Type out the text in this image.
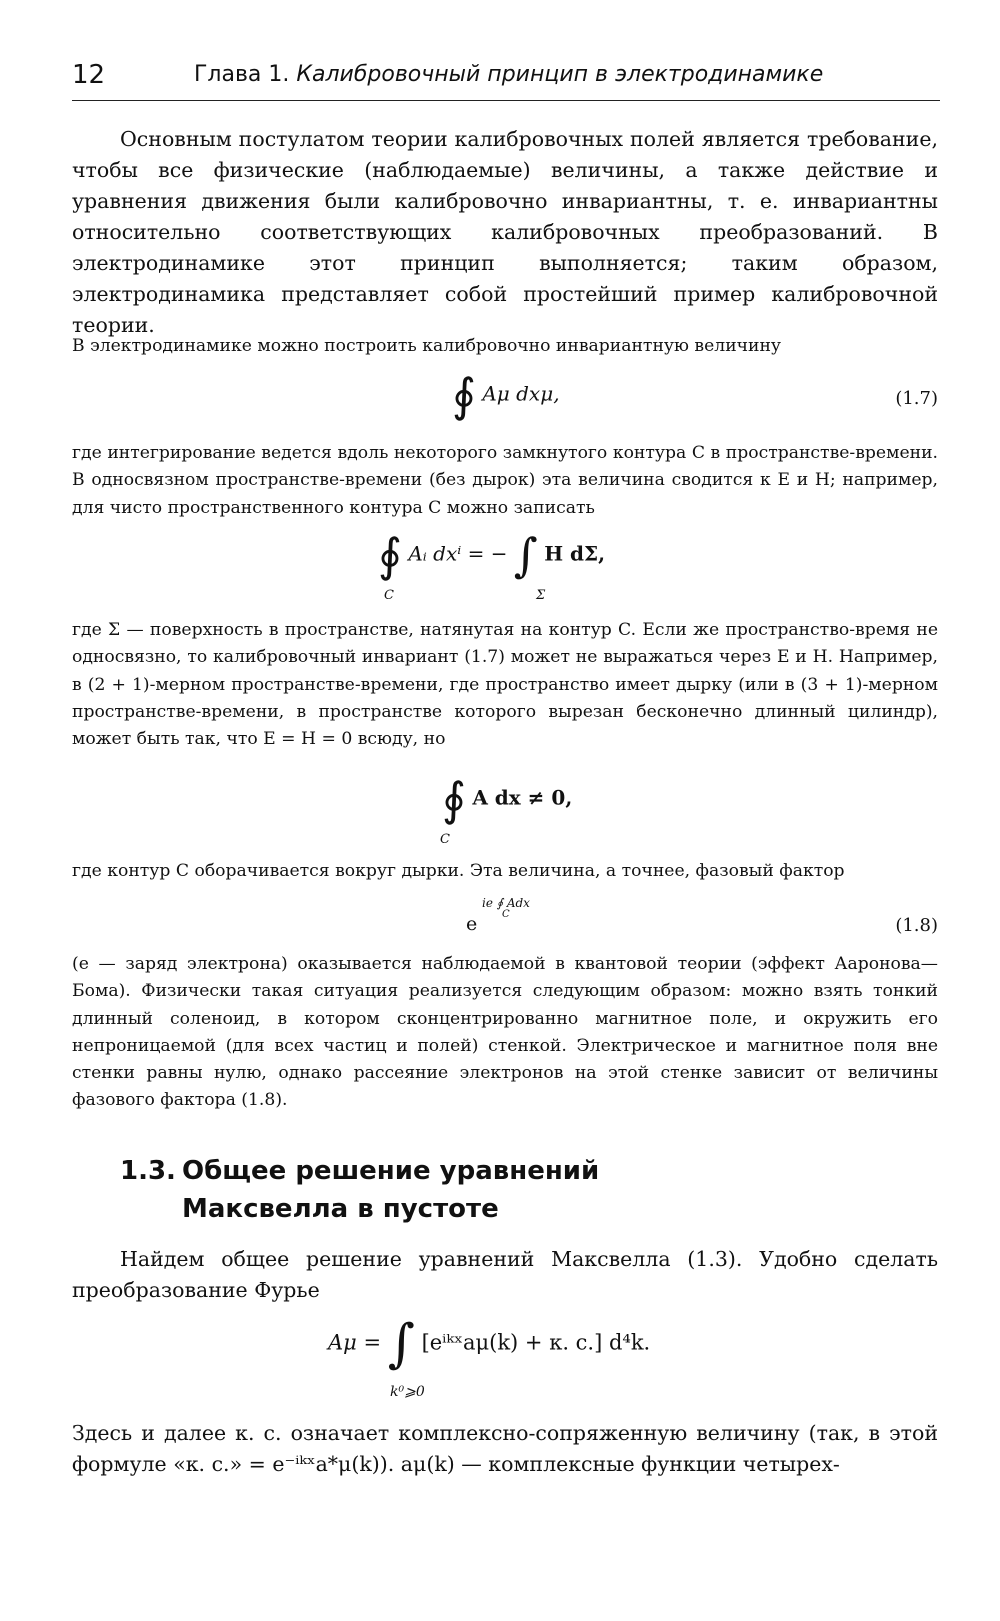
12	Глава 1. Калибровочный принцип в электродинамике

Основным постулатом теории калибровочных полей является требование, чтобы все физические (наблюдаемые) величины, а также действие и уравнения движения были калибровочно инвариантны, т. е. инвариантны относительно соответствующих калибровочных преобразований. В электродинамике этот принцип выполняется; таким образом, электродинамика представляет собой простейший пример калибровочной теории.

В электродинамике можно построить калибровочно инвариантную величину

∮ Aμ dxμ,	(1.7)

где интегрирование ведется вдоль некоторого замкнутого контура C в пространстве-времени. В односвязном пространстве-времени (без дырок) эта величина сводится к E и H; например, для чисто пространственного контура C можно записать

∮ Aᵢ dxⁱ = − ∫ H dΣ,
C	Σ

где Σ — поверхность в пространстве, натянутая на контур C. Если же пространство-время не односвязно, то калибровочный инвариант (1.7) может не выражаться через E и H. Например, в (2 + 1)-мерном пространстве-времени, где пространство имеет дырку (или в (3 + 1)-мерном пространстве-времени, в пространстве которого вырезан бесконечно длинный цилиндр), может быть так, что E = H = 0 всюду, но

∮ A dx ≠ 0,
C

где контур C оборачивается вокруг дырки. Эта величина, а точнее, фазовый фактор

ie ∮ Adx
C
e	(1.8)

(e — заряд электрона) оказывается наблюдаемой в квантовой теории (эффект Ааронова—Бома). Физически такая ситуация реализуется следующим образом: можно взять тонкий длинный соленоид, в котором сконцентрированно магнитное поле, и окружить его непроницаемой (для всех частиц и полей) стенкой. Электрическое и магнитное поля вне стенки равны нулю, однако рассеяние электронов на этой стенке зависит от величины фазового фактора (1.8).

1.3. Общее решение уравнений
Максвелла в пустоте

Найдем общее решение уравнений Максвелла (1.3). Удобно сделать преобразование Фурье

Aμ = ∫ [eⁱᵏˣaμ(k) + к. с.] d⁴k.
k⁰⩾0

Здесь и далее к. с. означает комплексно-сопряженную величину (так, в этой формуле «к. с.» = e⁻ⁱᵏˣa*μ(k)). aμ(k) — комплексные функции четырех-
